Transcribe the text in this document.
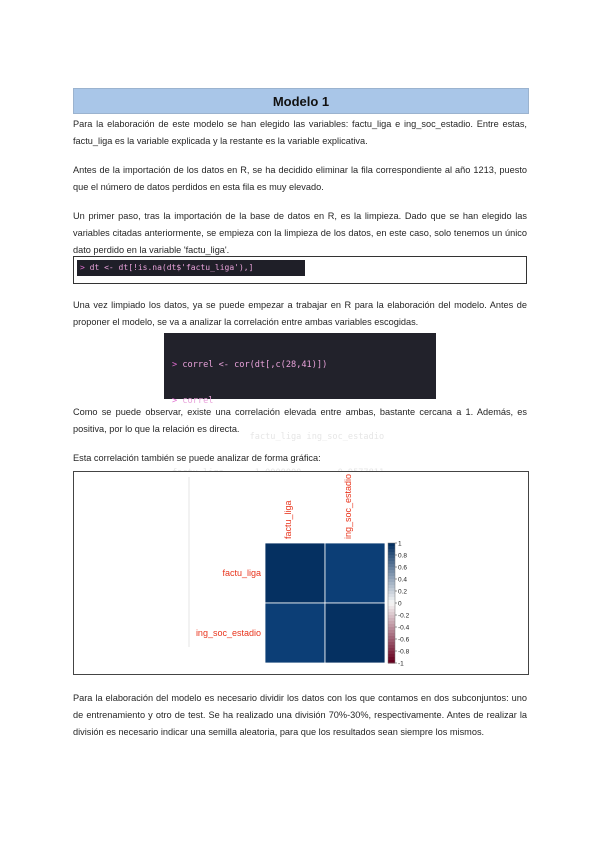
Modelo 1
Para la elaboración de este modelo se han elegido las variables: factu_liga e ing_soc_estadio. Entre estas, factu_liga es la variable explicada y la restante es la variable explicativa.
Antes de la importación de los datos en R, se ha decidido eliminar la fila correspondiente al año 1213, puesto que el número de datos perdidos en esta fila es muy elevado.
Un primer paso, tras la importación de la base de datos en R, es la limpieza. Dado que se han elegido las variables citadas anteriormente, se empieza con la limpieza de los datos, en este caso, solo tenemos un único dato perdido en la variable 'factu_liga'.
> dt <- dt[!is.na(dt$'factu_liga'),]
Una vez limpiado los datos, ya se puede empezar a trabajar en R para la elaboración del modelo. Antes de proponer el modelo, se va a analizar la correlación entre ambas variables escogidas.

> correl <- cor(dt[,c(28,41)])

> correl

factu_liga ing_soc_estadio

Como se puede observar, existe una correlación elevada entre ambas, bastante cercana a 1. Además, es positiva, por lo que la relación es directa.
Esta correlación también se puede analizar de forma gráfica:
factu_liga
ing_soc_estadio
factu_liga	ing_soc_estadio
1
0.8
0.6
0.4
0.2
0
-0.2
-0.4
-0.6
-0.8
-1
Para la elaboración del modelo es necesario dividir los datos con los que contamos en dos subconjuntos: uno de entrenamiento y otro de test. Se ha realizado una división 70%-30%, respectivamente. Antes de realizar la división es necesario indicar una semilla aleatoria, para que los resultados sean siempre los mismos.
